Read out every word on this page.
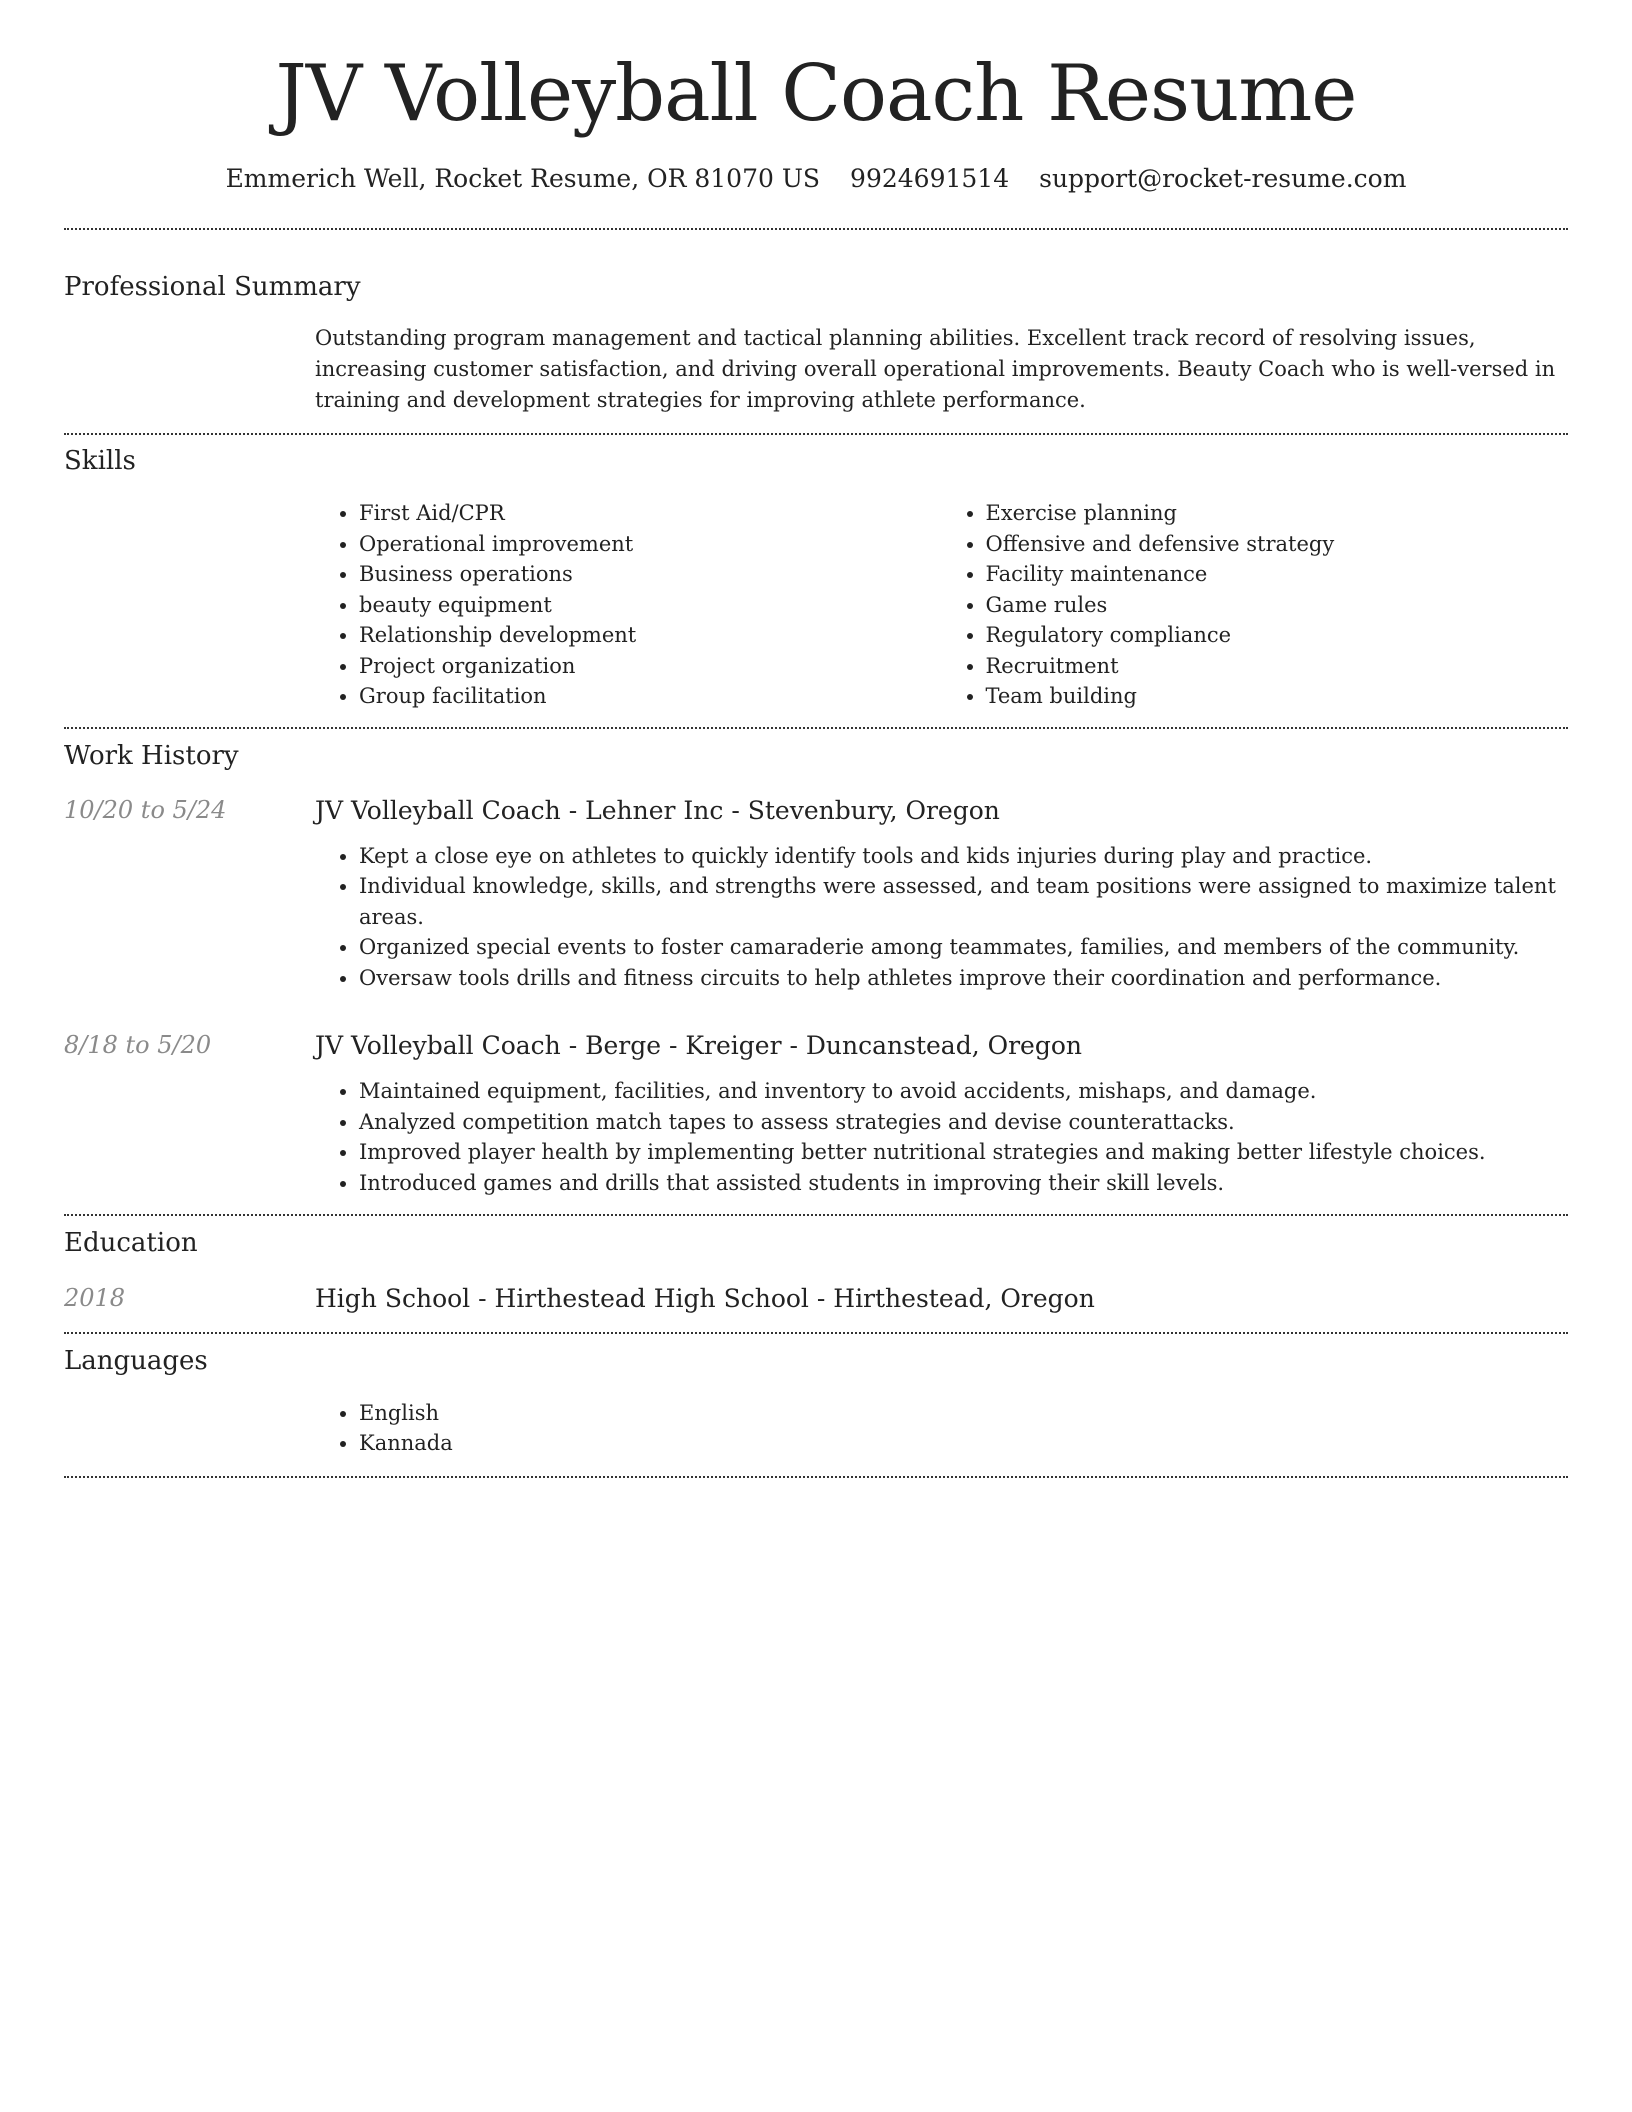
JV Volleyball Coach Resume
Emmerich Well, Rocket Resume, OR 81070 US 9924691514 support@rocket-resume.com
Professional Summary

Outstanding program management and tactical planning abilities. Excellent track record of resolving issues, increasing customer satisfaction, and driving overall operational improvements. Beauty Coach who is well-versed in training and development strategies for improving athlete performance.

Skills
• First Aid/CPR
• Operational improvement
• Business operations
• beauty equipment
• Relationship development
• Project organization
• Group facilitation
• Exercise planning
• Offensive and defensive strategy
• Facility maintenance
• Game rules
• Regulatory compliance
• Recruitment
• Team building
Work History
10/20 to 5/24	JV Volleyball Coach - Lehner Inc - Stevenbury, Oregon
• Kept a close eye on athletes to quickly identify tools and kids injuries during play and practice.
• Individual knowledge, skills, and strengths were assessed, and team positions were assigned to maximize talent areas.
• Organized special events to foster camaraderie among teammates, families, and members of the community.
• Oversaw tools drills and fitness circuits to help athletes improve their coordination and performance.
8/18 to 5/20	JV Volleyball Coach - Berge - Kreiger - Duncanstead, Oregon
• Maintained equipment, facilities, and inventory to avoid accidents, mishaps, and damage.
• Analyzed competition match tapes to assess strategies and devise counterattacks.
• Improved player health by implementing better nutritional strategies and making better lifestyle choices.
• Introduced games and drills that assisted students in improving their skill levels.
Education
2018	High School - Hirthestead High School - Hirthestead, Oregon
Languages
• English
• Kannada
